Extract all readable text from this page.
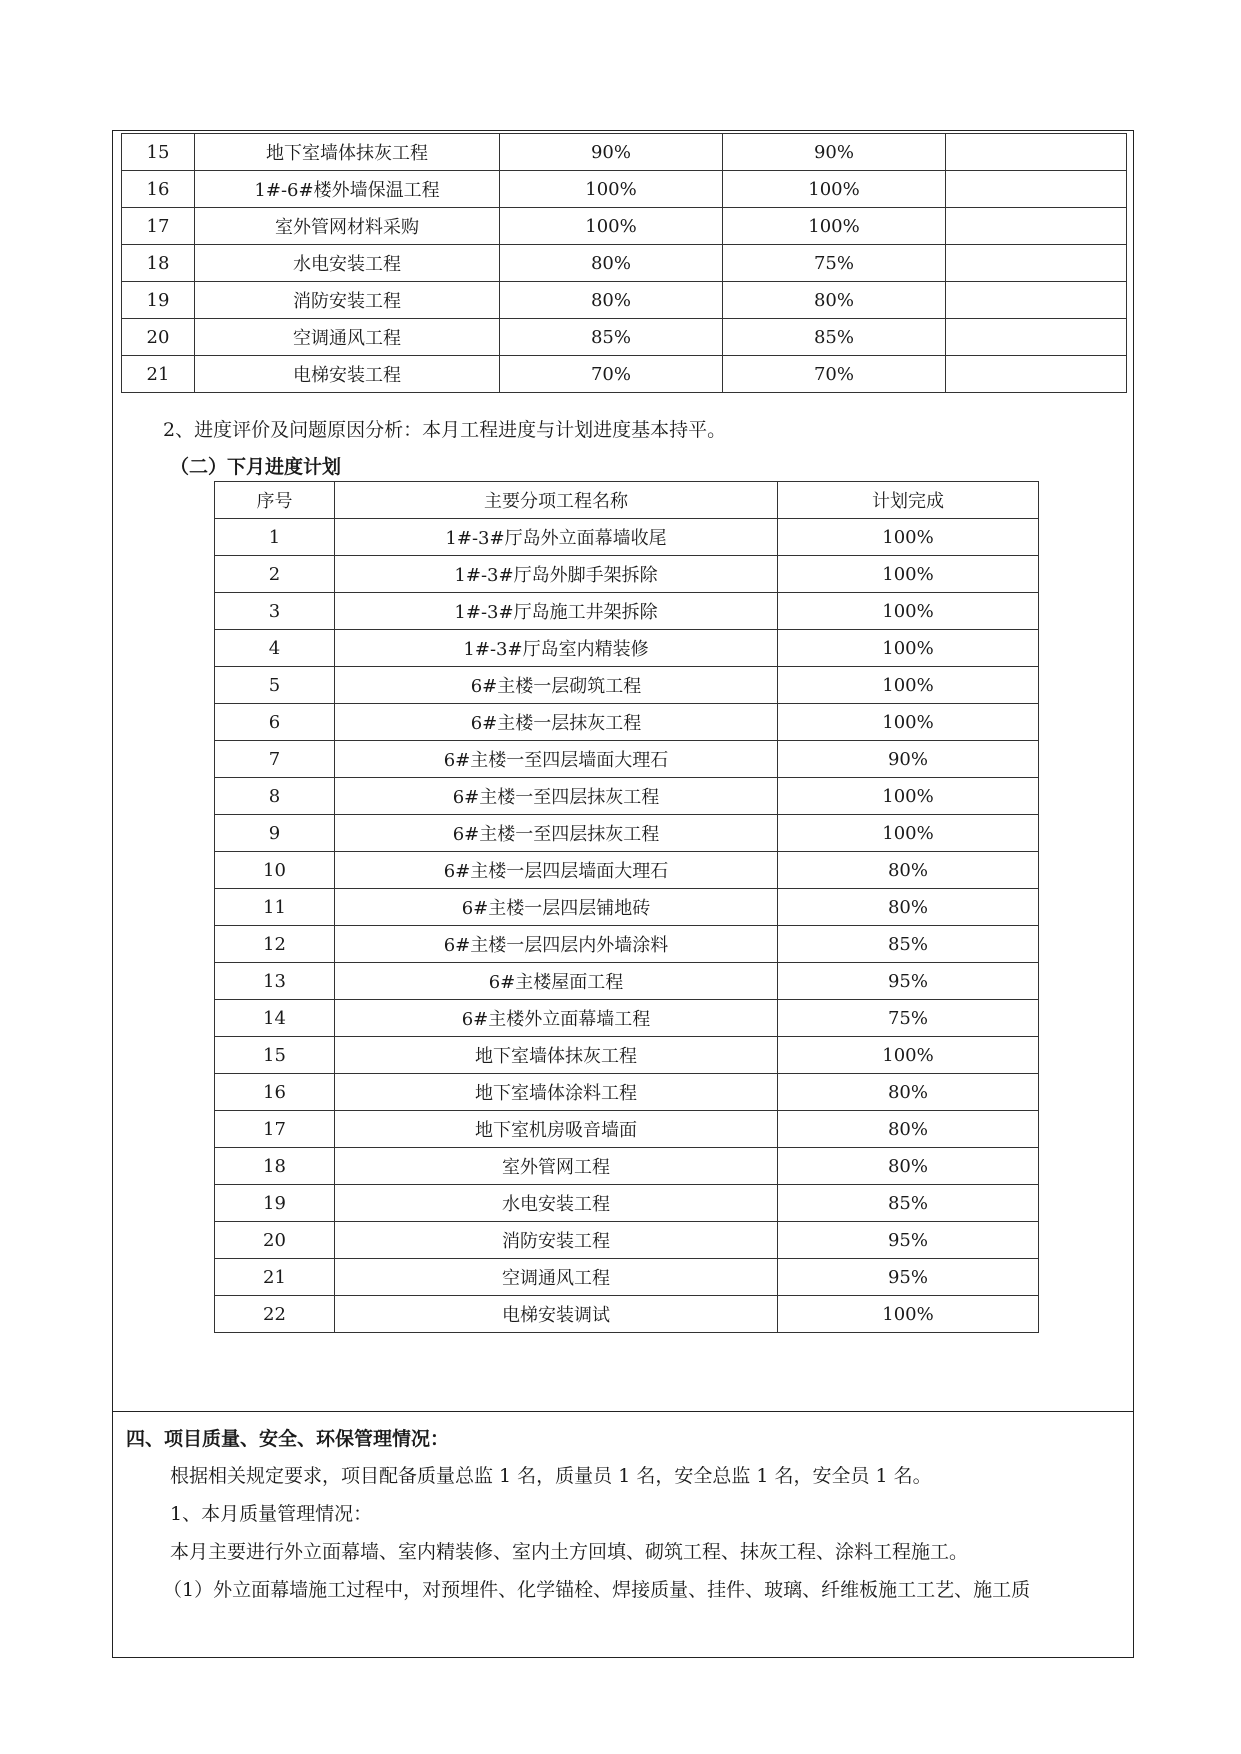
15	地下室墙体抹灰工程	90%	90%	
16	1#-6#楼外墙保温工程	100%	100%	
17	室外管网材料采购	100%	100%	
18	水电安装工程	80%	75%	
19	消防安装工程	80%	80%	
20	空调通风工程	85%	85%	
21	电梯安装工程	70%	70%	
2、进度评价及问题原因分析：本月工程进度与计划进度基本持平。
（二）下月进度计划
序号	主要分项工程名称	计划完成
1	1#-3#厅岛外立面幕墙收尾	100%
2	1#-3#厅岛外脚手架拆除	100%
3	1#-3#厅岛施工井架拆除	100%
4	1#-3#厅岛室内精装修	100%
5	6#主楼一层砌筑工程	100%
6	6#主楼一层抹灰工程	100%
7	6#主楼一至四层墙面大理石	90%
8	6#主楼一至四层抹灰工程	100%
9	6#主楼一至四层抹灰工程	100%
10	6#主楼一层四层墙面大理石	80%
11	6#主楼一层四层铺地砖	80%
12	6#主楼一层四层内外墙涂料	85%
13	6#主楼屋面工程	95%
14	6#主楼外立面幕墙工程	75%
15	地下室墙体抹灰工程	100%
16	地下室墙体涂料工程	80%
17	地下室机房吸音墙面	80%
18	室外管网工程	80%
19	水电安装工程	85%
20	消防安装工程	95%
21	空调通风工程	95%
22	电梯安装调试	100%
四、项目质量、安全、环保管理情况：
根据相关规定要求，项目配备质量总监 1 名，质量员 1 名，安全总监 1 名，安全员 1 名。
1、本月质量管理情况：
本月主要进行外立面幕墙、室内精装修、室内土方回填、砌筑工程、抹灰工程、涂料工程施工。
（1）外立面幕墙施工过程中，对预埋件、化学锚栓、焊接质量、挂件、玻璃、纤维板施工工艺、施工质
